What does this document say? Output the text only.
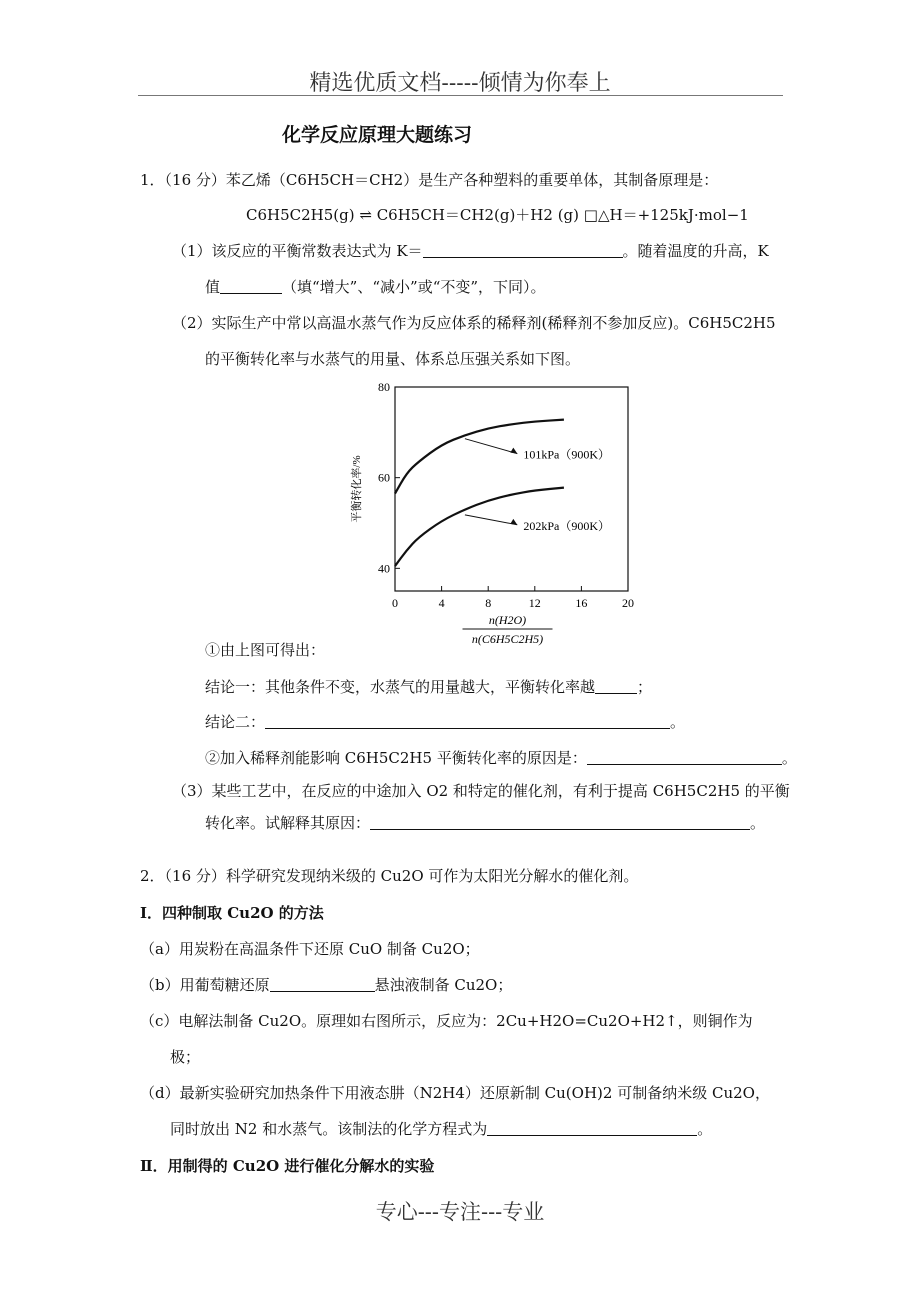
精选优质文档-----倾情为你奉上
化学反应原理大题练习
1．（16 分）苯乙烯（C6H5CH＝CH2）是生产各种塑料的重要单体，其制备原理是：
C6H5C2H5(g) ⇌ C6H5CH＝CH2(g)＋H2 (g) □△H＝+125kJ·mol−1
（1）该反应的平衡常数表达式为 K＝	。随着温度的升高，K
值	（填“增大”、“减小”或“不变”，下同）。
（2）实际生产中常以高温水蒸气作为反应体系的稀释剂(稀释剂不参加反应)。C6H5C2H5
的平衡转化率与水蒸气的用量、体系总压强关系如下图。
0	4	8	12	16	20
40
60
80
平衡转化率/%
n(H2O)
n(C6H5C2H5)
101kPa（900K）
202kPa（900K）
①由上图可得出：
结论一：其他条件不变，水蒸气的用量越大，平衡转化率越	；
结论二：	。
②加入稀释剂能影响 C6H5C2H5 平衡转化率的原因是：	。
（3）某些工艺中，在反应的中途加入 O2 和特定的催化剂，有利于提高 C6H5C2H5 的平衡
转化率。试解释其原因：	。
2．（16 分）科学研究发现纳米级的 Cu2O 可作为太阳光分解水的催化剂。
Ⅰ．四种制取 Cu2O 的方法
（a）用炭粉在高温条件下还原 CuO 制备 Cu2O；
（b）用葡萄糖还原	悬浊液制备 Cu2O；
（c）电解法制备 Cu2O。原理如右图所示，反应为：2Cu+H2O=Cu2O+H2↑，则铜作为
极；
（d）最新实验研究加热条件下用液态肼（N2H4）还原新制 Cu(OH)2 可制备纳米级 Cu2O，
同时放出 N2 和水蒸气。该制法的化学方程式为	。
Ⅱ．用制得的 Cu2O 进行催化分解水的实验
专心---专注---专业
